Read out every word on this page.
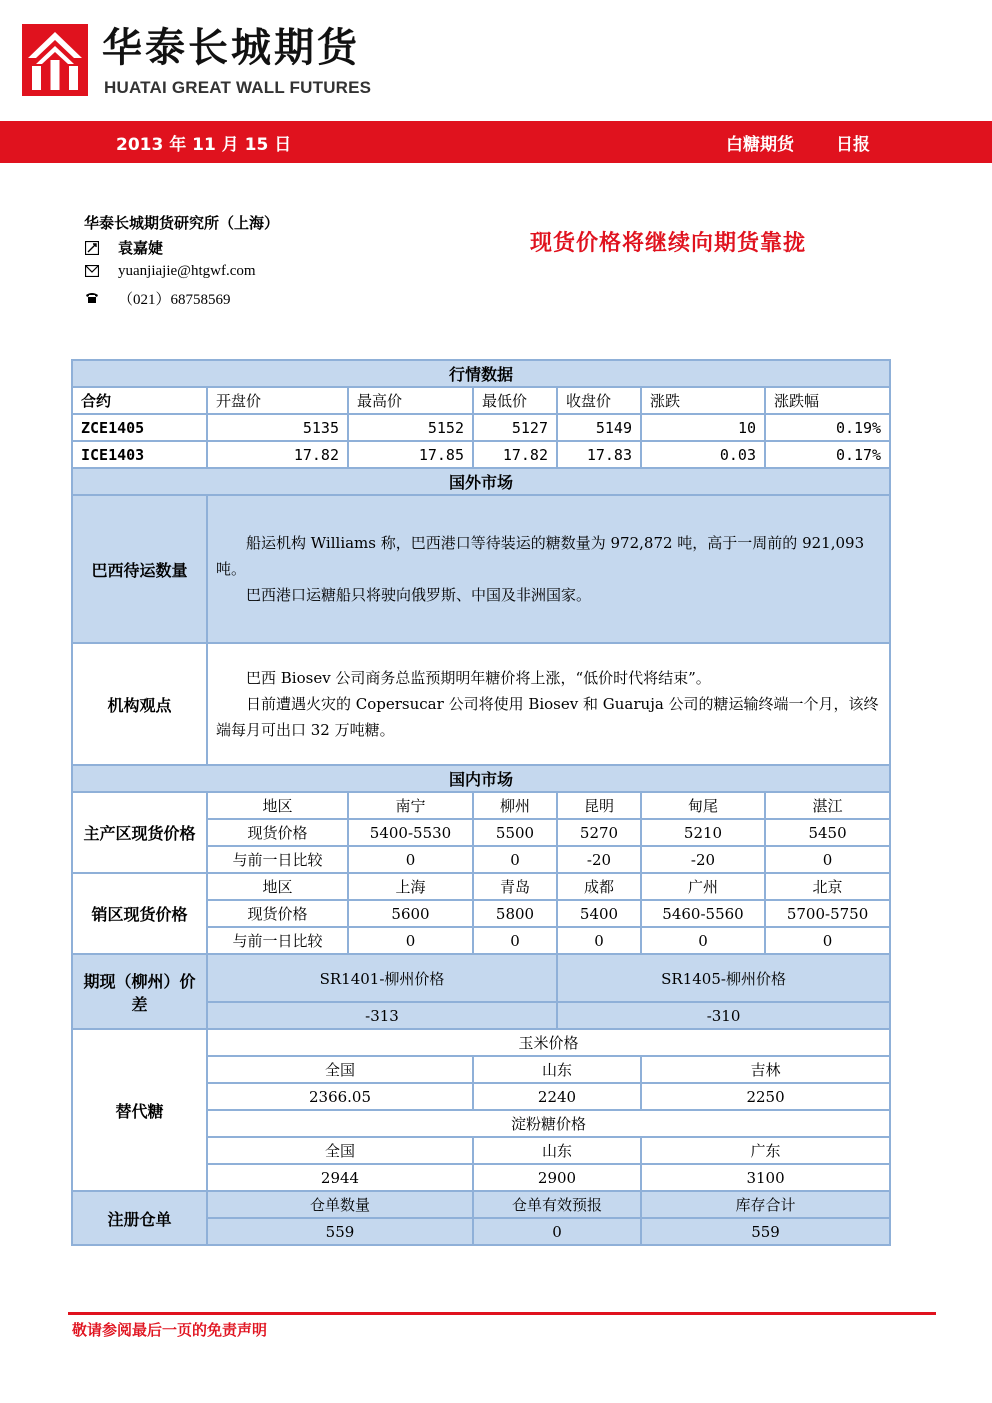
华泰长城期货
HUATAI GREAT WALL FUTURES
2013 年 11 月 15 日	白糖期货 日报
华泰长城期货研究所（上海）
袁嘉婕
yuanjiajie@htgwf.com
（021）68758569
现货价格将继续向期货靠拢
行情数据						
合约	开盘价	最高价	最低价	收盘价	涨跌	涨跌幅
ZCE1405	5135	5152	5127	5149	10	0.19%
ICE1403	17.82	17.85	17.82	17.83	0.03	0.17%
国外市场						
巴西待运数量	船运机构 Williams 称，巴西港口等待装运的糖数量为 972,872 吨，高于一周前的 921,093 吨。

巴西港口运糖船只将驶向俄罗斯、中国及非洲国家。					

机构观点	巴西 Biosev 公司商务总监预期明年糖价将上涨，“低价时代将结束”。

日前遭遇火灾的 Copersucar 公司将使用 Biosev 和 Guaruja 公司的糖运输终端一个月，该终端每月可出口 32 万吨糖。					

国内市场						
主产区现货价格	地区	南宁	柳州	昆明	甸尾	湛江
	现货价格	5400-5530	5500	5270	5210	5450
	与前一日比较	0	0	-20	-20	0
销区现货价格	地区	上海	青岛	成都	广州	北京
	现货价格	5600	5800	5400	5460-5560	5700-5750
	与前一日比较	0	0	0	0	0
期现（柳州）价差	SR1401-柳州价格			SR1405-柳州价格		
	-313			-310		
替代糖	玉米价格					
	全国		山东		吉林	
	2366.05		2240		2250	
	淀粉糖价格					
	全国		山东		广东	
	2944		2900		3100	
注册仓单	仓单数量		仓单有效预报		库存合计	
	559		0		559	
敬请参阅最后一页的免责声明
